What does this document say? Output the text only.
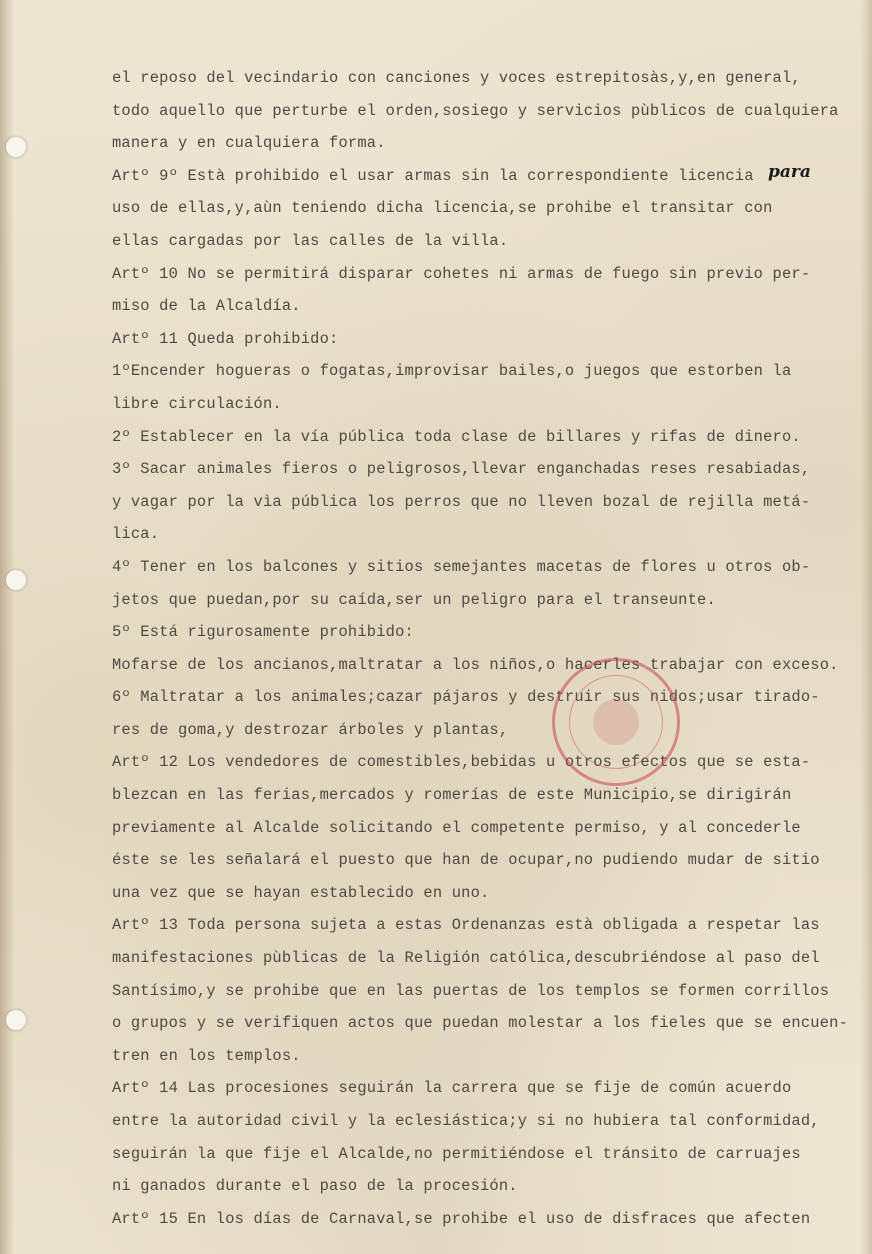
el reposo del vecindario con canciones y voces estrepitosàs,y,en general,
todo aquello que perturbe el orden,sosiego y servicios pùblicos de cualquiera
manera y en cualquiera forma.
Artº 9º Està prohibido el usar armas sin la correspondiente licencia
uso de ellas,y,aùn teniendo dicha licencia,se prohibe el transitar con
ellas cargadas por las calles de la villa.
Artº 10 No se permitirá disparar cohetes ni armas de fuego sin previo per-
miso de la Alcaldía.
Artº 11 Queda prohibido:
1ºEncender hogueras o fogatas,improvisar bailes,o juegos que estorben la
libre circulación.
2º Establecer en la vía pública toda clase de billares y rifas de dinero.
3º Sacar animales fieros o peligrosos,llevar enganchadas reses resabiadas,
y vagar por la vìa pública los perros que no lleven bozal de rejilla metá-
lica.
4º Tener en los balcones y sitios semejantes macetas de flores u otros ob-
jetos que puedan,por su caída,ser un peligro para el transeunte.
5º Está rigurosamente prohibido:
Mofarse de los ancianos,maltratar a los niños,o hacerles trabajar con exceso.
6º Maltratar a los animales;cazar pájaros y destruir sus nidos;usar tirado-
res de goma,y destrozar árboles y plantas,
Artº 12 Los vendedores de comestibles,bebidas u otros efectos que se esta-
blezcan en las ferias,mercados y romerías de este Municipio,se dirigirán
previamente al Alcalde solicitando el competente permiso, y al concederle
éste se les señalará el puesto que han de ocupar,no pudiendo mudar de sitio
una vez que se hayan establecido en uno.
Artº 13 Toda persona sujeta a estas Ordenanzas està obligada a respetar las
manifestaciones pùblicas de la Religión católica,descubriéndose al paso del
Santísimo,y se prohibe que en las puertas de los templos se formen corrillos
o grupos y se verifiquen actos que puedan molestar a los fieles que se encuen-
tren en los templos.
Artº 14 Las procesiones seguirán la carrera que se fije de común acuerdo
entre la autoridad civil y la eclesiástica;y si no hubiera tal conformidad,
seguirán la que fije el Alcalde,no permitiéndose el tránsito de carruajes
ni ganados durante el paso de la procesión.
Artº 15 En los días de Carnaval,se prohibe el uso de disfraces que afecten
para
